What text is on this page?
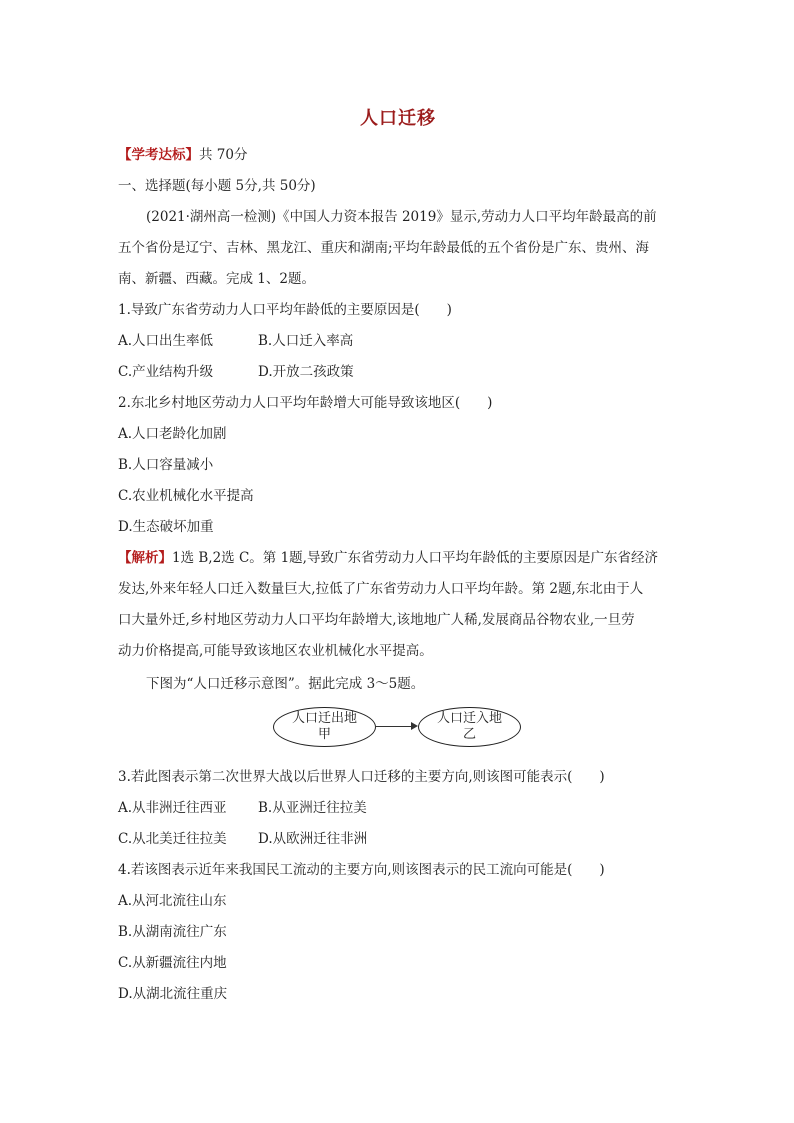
人口迁移
【学考达标】共 70分
一、选择题(每小题 5分,共 50分)
(2021·湖州高一检测)《中国人力资本报告 2019》显示,劳动力人口平均年龄最高的前
五个省份是辽宁、吉林、黑龙江、重庆和湖南;平均年龄最低的五个省份是广东、贵州、海
南、新疆、西藏。完成 1、2题。
1.导致广东省劳动力人口平均年龄低的主要原因是(　　)
A.人口出生率低	B.人口迁入率高
C.产业结构升级	D.开放二孩政策
2.东北乡村地区劳动力人口平均年龄增大可能导致该地区(　　)
A.人口老龄化加剧
B.人口容量减小
C.农业机械化水平提高
D.生态破坏加重
【解析】1选 B,2选 C。第 1题,导致广东省劳动力人口平均年龄低的主要原因是广东省经济
发达,外来年轻人口迁入数量巨大,拉低了广东省劳动力人口平均年龄。第 2题,东北由于人
口大量外迁,乡村地区劳动力人口平均年龄增大,该地地广人稀,发展商品谷物农业,一旦劳
动力价格提高,可能导致该地区农业机械化水平提高。
下图为“人口迁移示意图”。据此完成 3～5题。
人口迁出地
甲
人口迁入地
乙
3.若此图表示第二次世界大战以后世界人口迁移的主要方向,则该图可能表示(　　)
A.从非洲迁往西亚 B.从亚洲迁往拉美
C.从北美迁往拉美 D.从欧洲迁往非洲
4.若该图表示近年来我国民工流动的主要方向,则该图表示的民工流向可能是(　　)
A.从河北流往山东
B.从湖南流往广东
C.从新疆流往内地
D.从湖北流往重庆
